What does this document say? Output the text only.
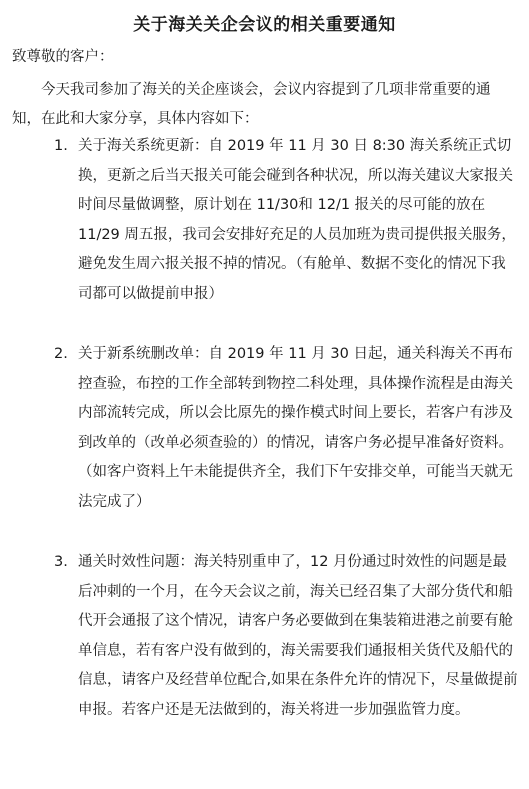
关于海关关企会议的相关重要通知
致尊敬的客户：
今天我司参加了海关的关企座谈会，会议内容提到了几项非常重要的通知，在此和大家分享，具体内容如下：
1. 关于海关系统更新：自 2019 年 11 月 30 日 8:30 海关系统正式切换，更新之后当天报关可能会碰到各种状况，所以海关建议大家报关时间尽量做调整，原计划在 11/30和 12/1 报关的尽可能的放在 11/29 周五报，我司会安排好充足的人员加班为贵司提供报关服务，避免发生周六报关报不掉的情况。（有舱单、数据不变化的情况下我司都可以做提前申报）
2. 关于新系统删改单：自 2019 年 11 月 30 日起，通关科海关不再布控查验，布控的工作全部转到物控二科处理，具体操作流程是由海关内部流转完成，所以会比原先的操作模式时间上要长，若客户有涉及到改单的（改单必须查验的）的情况，请客户务必提早准备好资料。（如客户资料上午未能提供齐全，我们下午安排交单，可能当天就无法完成了）
3. 通关时效性问题：海关特别重申了，12 月份通过时效性的问题是最后冲刺的一个月，在今天会议之前，海关已经召集了大部分货代和船代开会通报了这个情况，请客户务必要做到在集装箱进港之前要有舱单信息，若有客户没有做到的，海关需要我们通报相关货代及船代的信息，请客户及经营单位配合,如果在条件允许的情况下，尽量做提前申报。若客户还是无法做到的，海关将进一步加强监管力度。
